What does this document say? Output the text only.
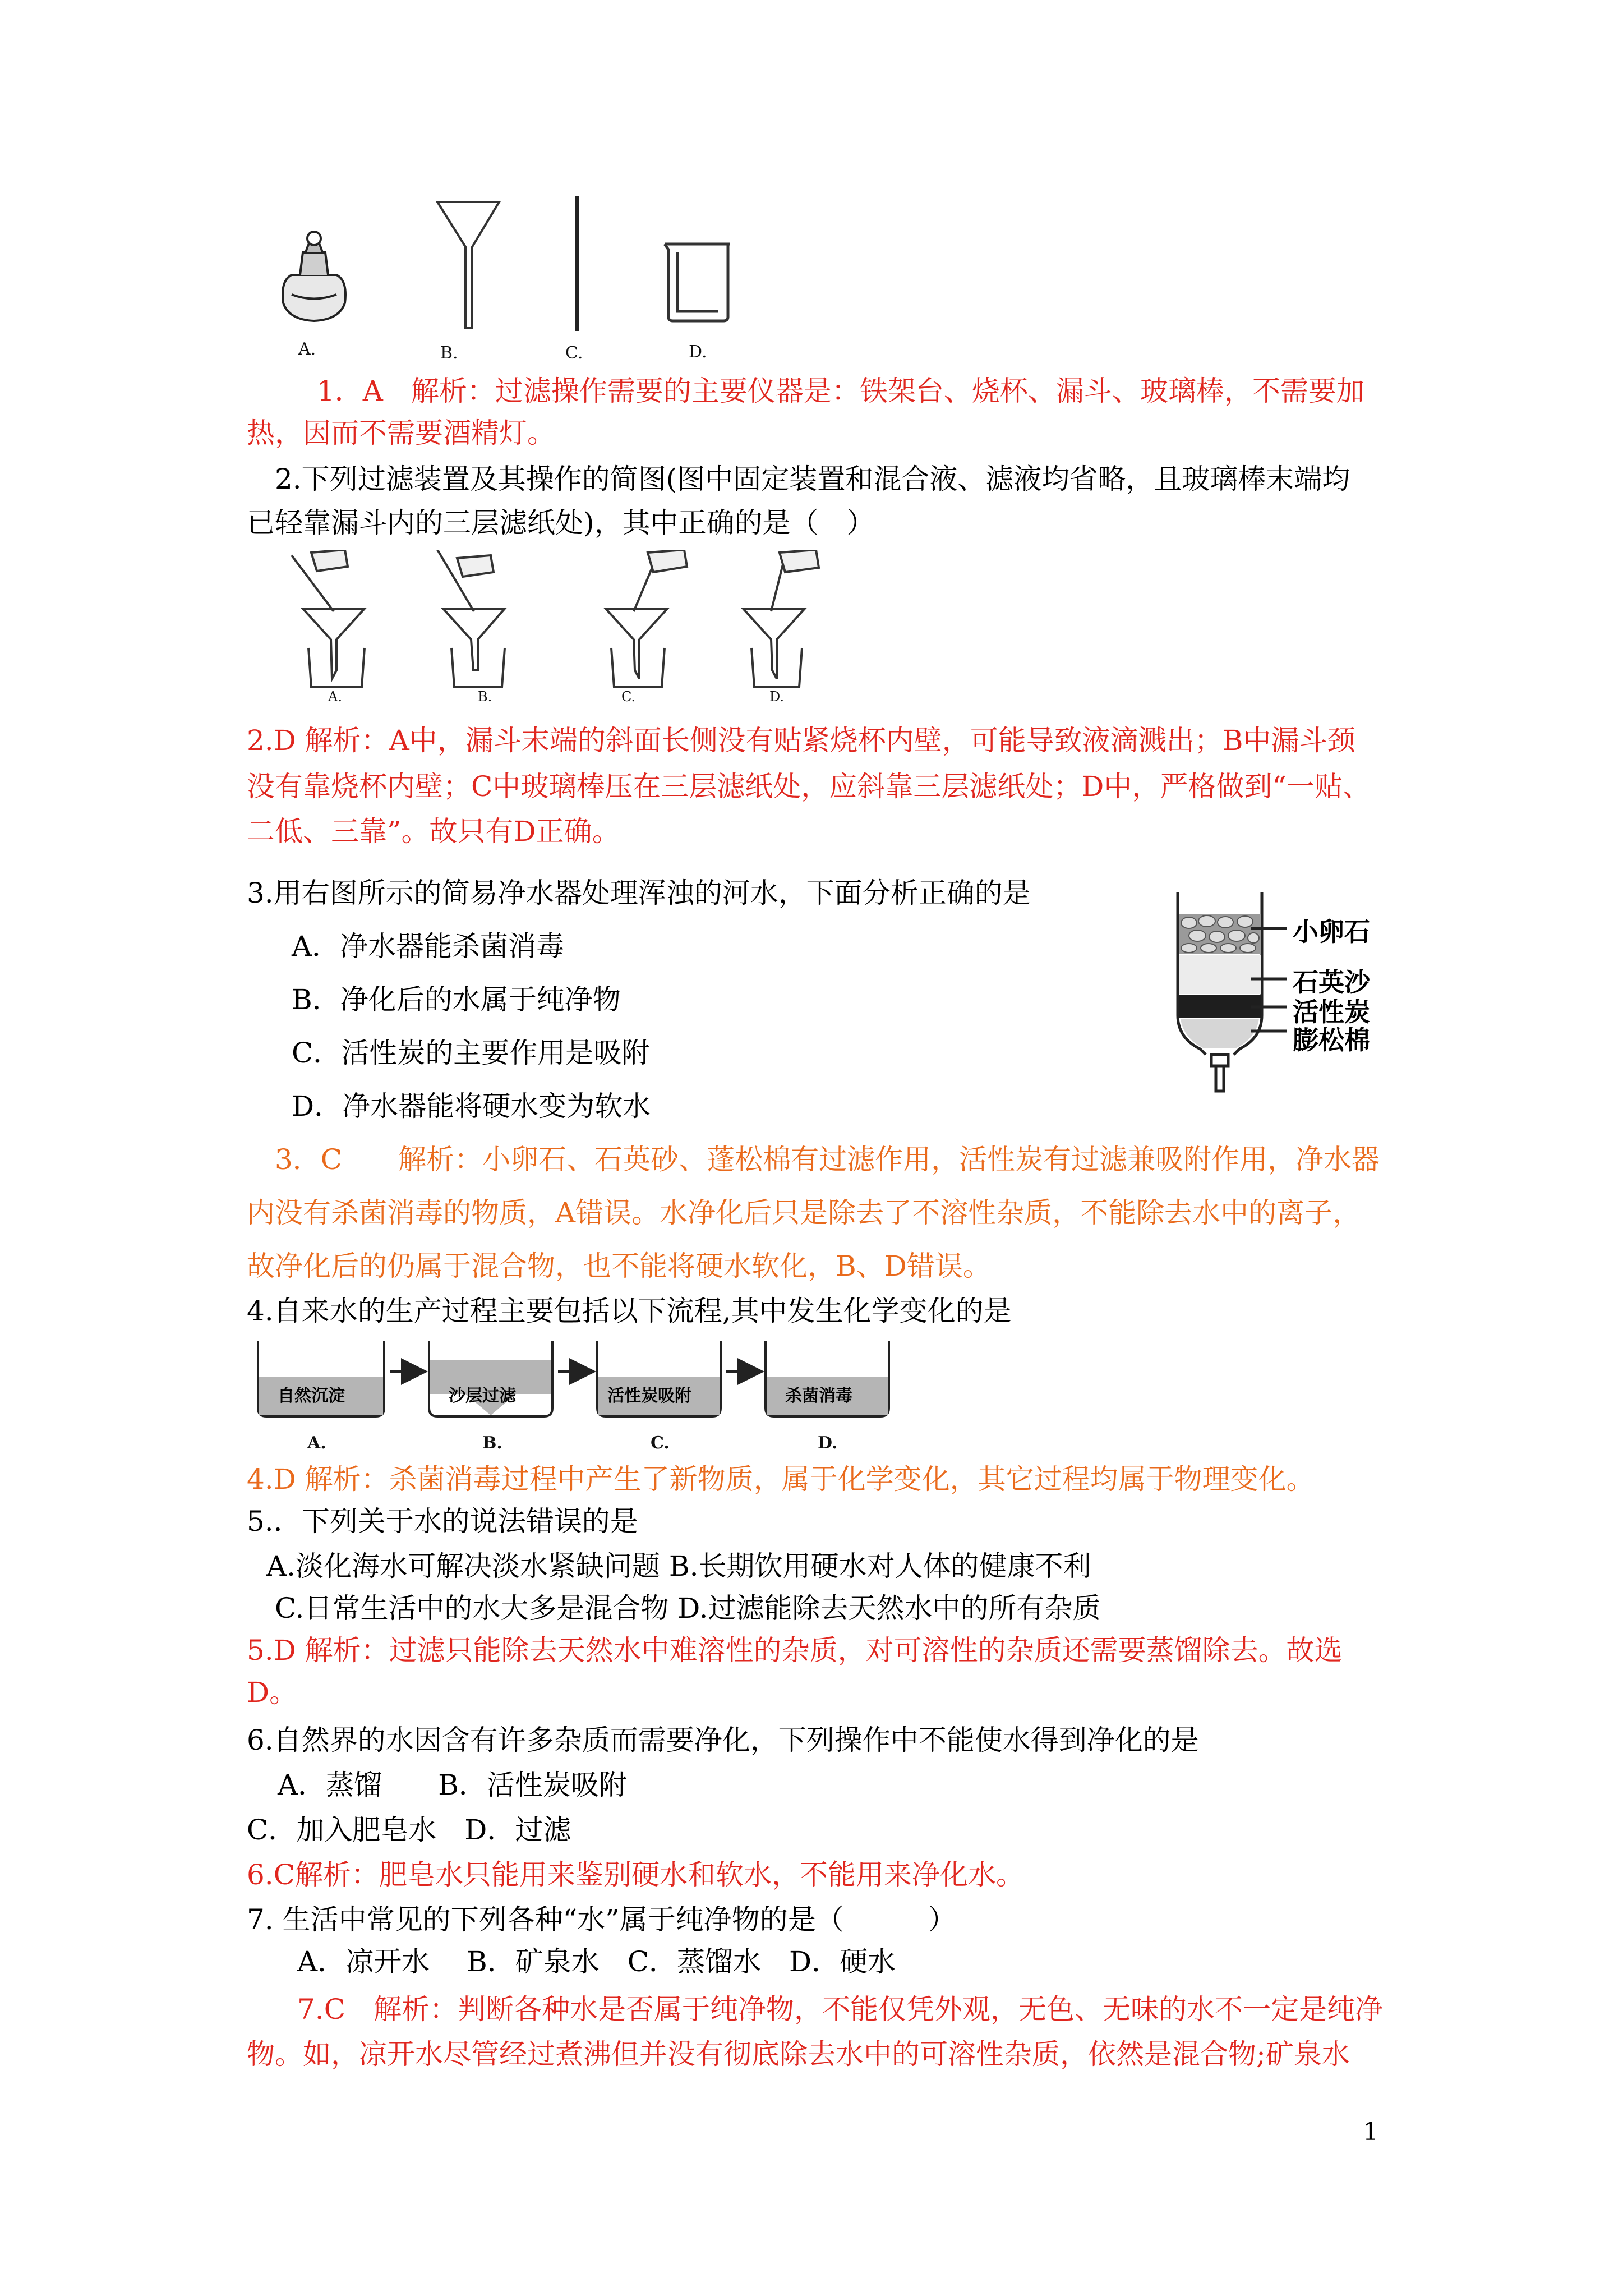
A.	B.	C.	D.
1．A　解析：过滤操作需要的主要仪器是：铁架台、烧杯、漏斗、玻璃棒，不需要加
热，因而不需要酒精灯。
2.下列过滤装置及其操作的简图(图中固定装置和混合液、滤液均省略，且玻璃棒末端均
已轻靠漏斗内的三层滤纸处)，其中正确的是（　）
A.	B.	C.	D.
2.D 解析：A中，漏斗末端的斜面长侧没有贴紧烧杯内壁，可能导致液滴溅出；B中漏斗颈
没有靠烧杯内壁；C中玻璃棒压在三层滤纸处，应斜靠三层滤纸处；D中，严格做到“一贴、
二低、三靠”。故只有D正确。
3.用右图所示的简易净水器处理浑浊的河水，下面分析正确的是
A．净水器能杀菌消毒
B．净化后的水属于纯净物
C．活性炭的主要作用是吸附
D．净水器能将硬水变为软水
小卵石
石英沙
活性炭
膨松棉
3．C　　解析：小卵石、石英砂、蓬松棉有过滤作用，活性炭有过滤兼吸附作用，净水器
内没有杀菌消毒的物质，A错误。水净化后只是除去了不溶性杂质，不能除去水中的离子，
故净化后的仍属于混合物，也不能将硬水软化，B、D错误。
4.自来水的生产过程主要包括以下流程,其中发生化学变化的是
自然沉淀	沙层过滤	活性炭吸附	杀菌消毒
A.	B.	C.	D.
4.D 解析：杀菌消毒过程中产生了新物质，属于化学变化，其它过程均属于物理变化。
5.．下列关于水的说法错误的是
A.淡化海水可解决淡水紧缺问题 B.长期饮用硬水对人体的健康不利
C.日常生活中的水大多是混合物 D.过滤能除去天然水中的所有杂质
5.D 解析：过滤只能除去天然水中难溶性的杂质，对可溶性的杂质还需要蒸馏除去。故选
D。
6.自然界的水因含有许多杂质而需要净化，下列操作中不能使水得到净化的是
A．蒸馏　　B．活性炭吸附
C．加入肥皂水　D．过滤
6.C解析：肥皂水只能用来鉴别硬水和软水，不能用来净化水。
7. 生活中常见的下列各种“水”属于纯净物的是（　　　）
A．凉开水　 B．矿泉水　C．蒸馏水　D．硬水
7.C　解析：判断各种水是否属于纯净物，不能仅凭外观，无色、无味的水不一定是纯净
物。如，凉开水尽管经过煮沸但并没有彻底除去水中的可溶性杂质，依然是混合物;矿泉水
1
